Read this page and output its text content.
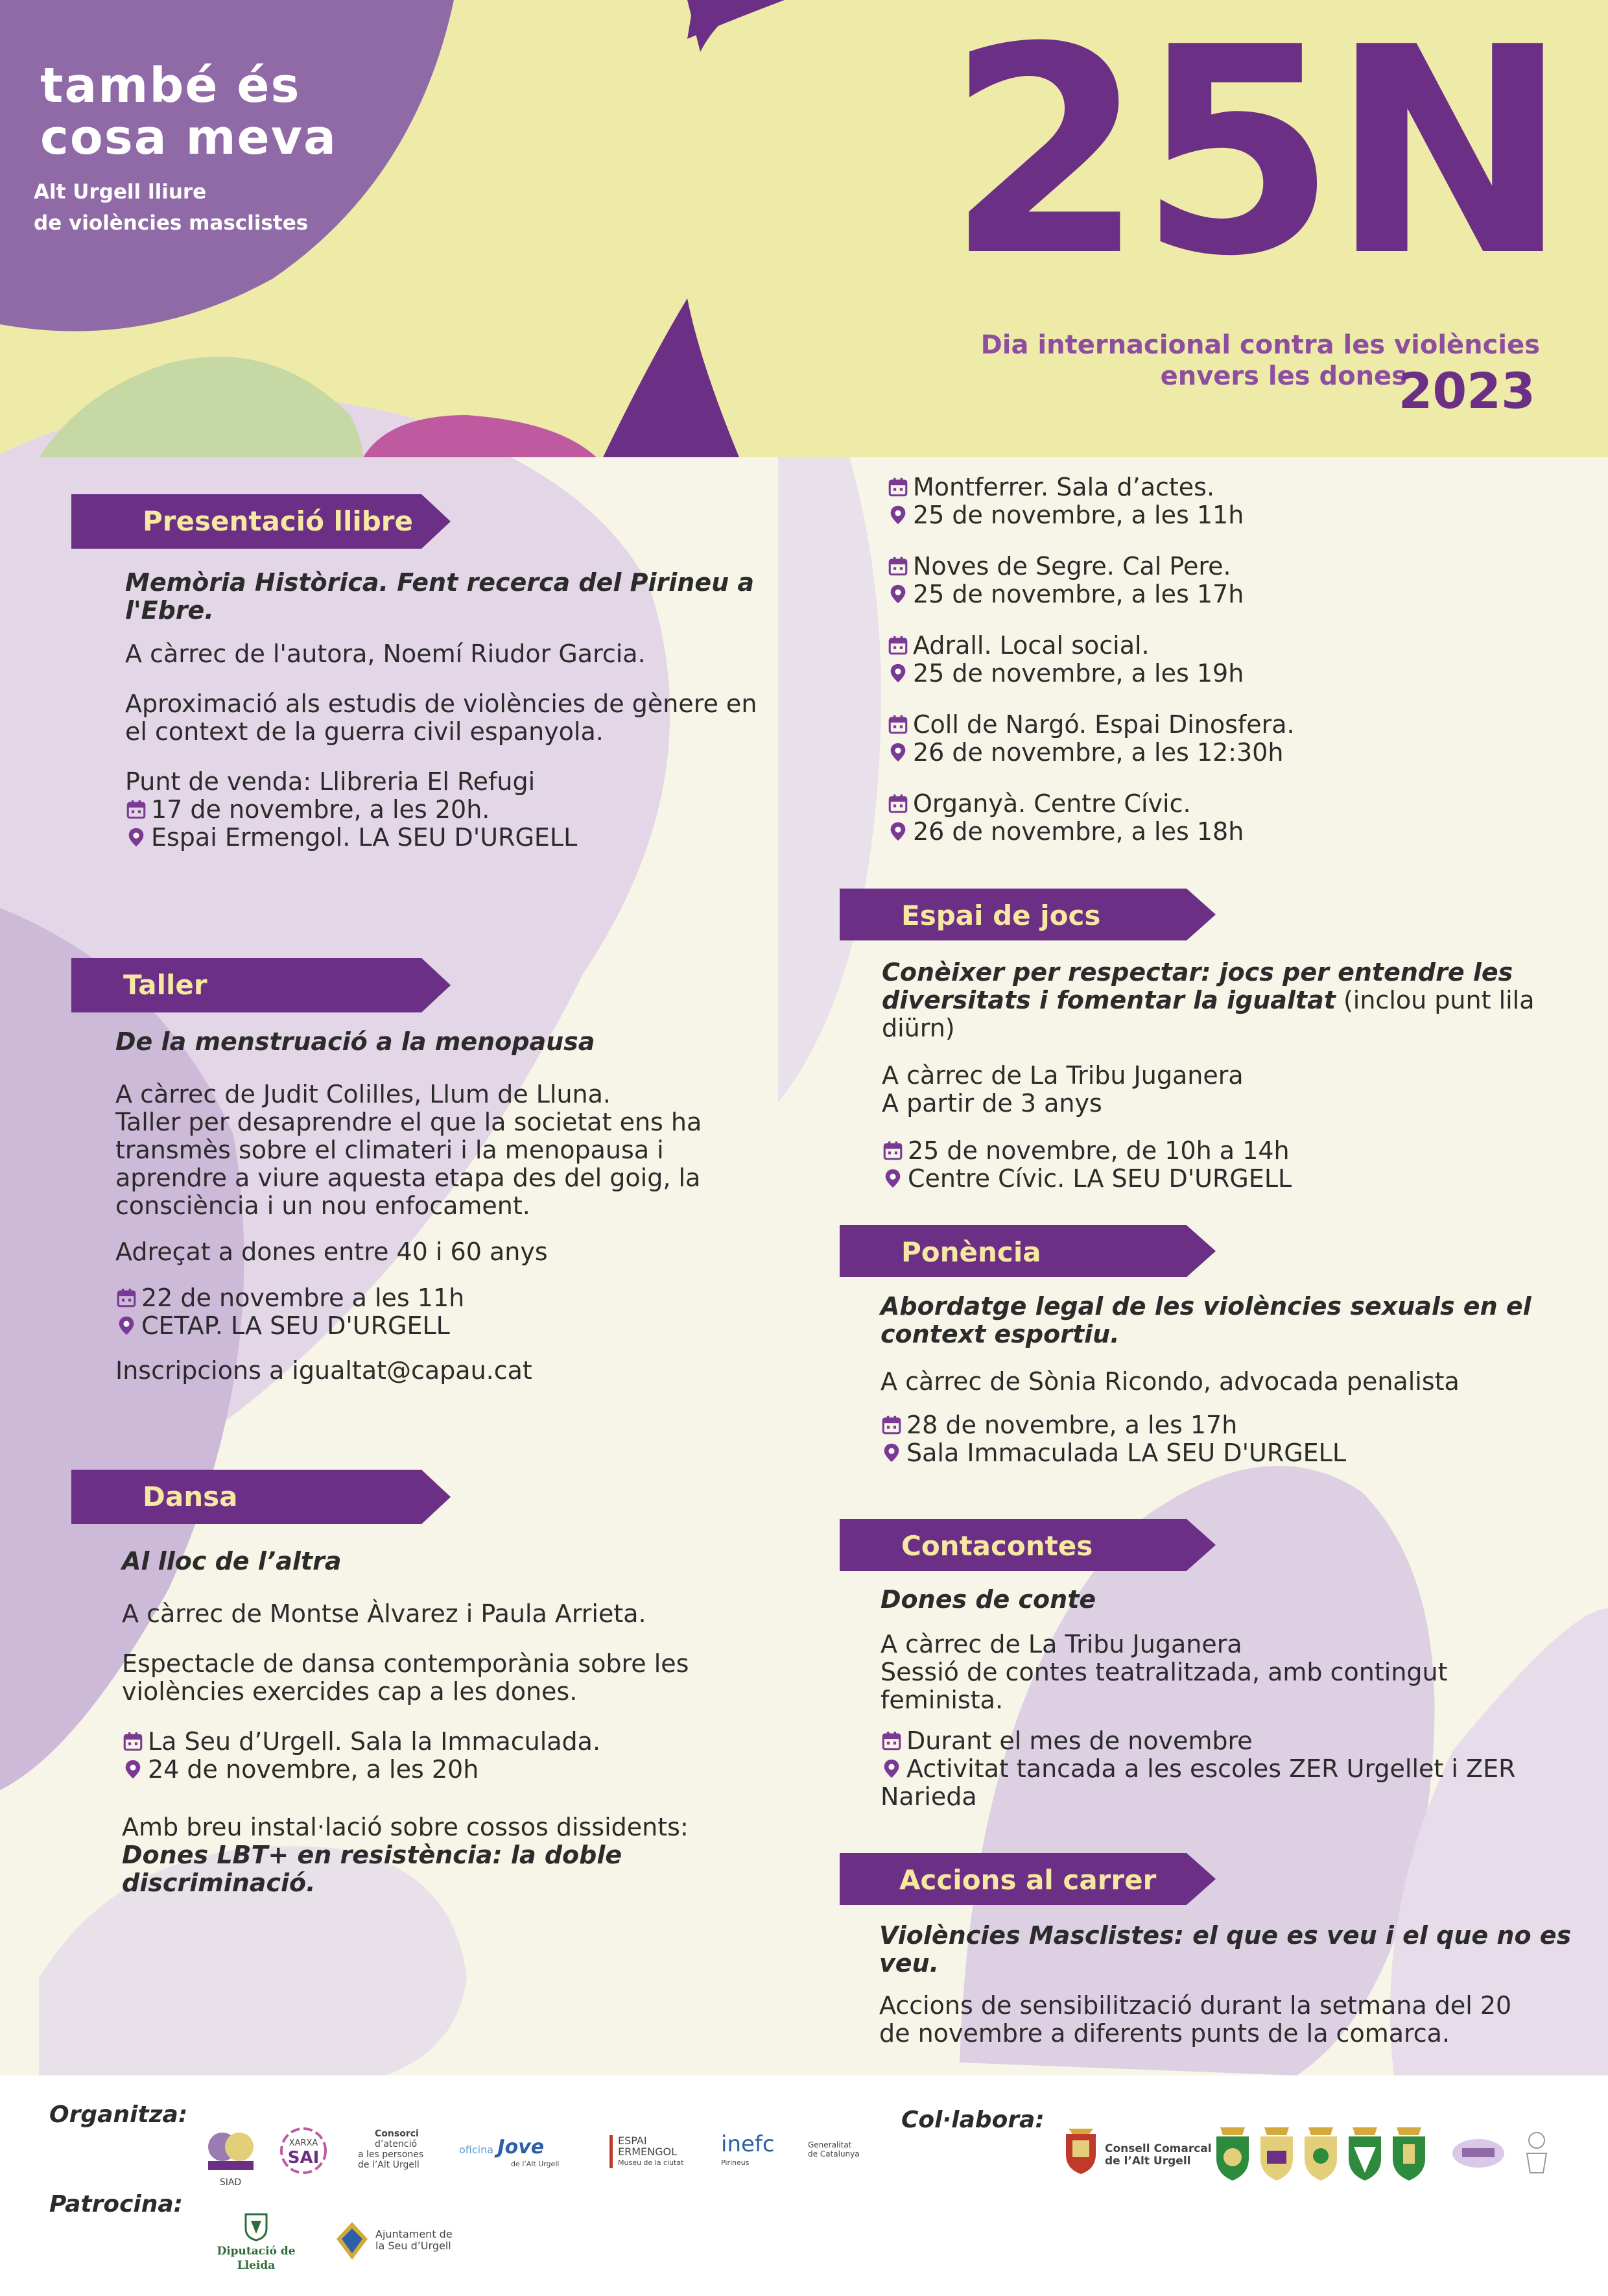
també és
cosa meva
Alt Urgell lliure
de violències masclistes 25N
Dia internacional contra les violències
envers les dones
2023
Presentació llibre

Memòria Històrica. Fent recerca del Pirineu a

l'Ebre.

A càrrec de l'autora, Noemí Riudor Garcia.

Aproximació als estudis de violències de gènere en

el context de la guerra civil espanyola.

Punt de venda: Llibreria El Refugi

17 de novembre, a les 20h.

Espai Ermengol. LA SEU D'URGELL

Taller

De la menstruació a la menopausa

A càrrec de Judit Colilles, Llum de Lluna.

Taller per desaprendre el que la societat ens ha

transmès sobre el climateri i la menopausa i

aprendre a viure aquesta etapa des del goig, la

consciència i un nou enfocament.

Adreçat a dones entre 40 i 60 anys

22 de novembre a les 11h

CETAP. LA SEU D'URGELL

Inscripcions a igualtat@capau.cat

Dansa

Al lloc de l’altra

A càrrec de Montse Àlvarez i Paula Arrieta.

Espectacle de dansa contemporània sobre les

violències exercides cap a les dones.

La Seu d’Urgell. Sala la Immaculada.

24 de novembre, a les 20h

Amb breu instal·lació sobre cossos dissidents:

Dones LBT+ en resistència: la doble

discriminació.

Montferrer. Sala d’actes.

25 de novembre, a les 11h

Noves de Segre. Cal Pere.

25 de novembre, a les 17h

Adrall. Local social.

25 de novembre, a les 19h

Coll de Nargó. Espai Dinosfera.

26 de novembre, a les 12:30h

Organyà. Centre Cívic.

26 de novembre, a les 18h

Espai de jocs

Conèixer per respectar: jocs per entendre les

diversitats i fomentar la igualtat (inclou punt lila

diürn)

A càrrec de La Tribu Juganera

A partir de 3 anys

25 de novembre, de 10h a 14h

Centre Cívic. LA SEU D'URGELL

Ponència

Abordatge legal de les violències sexuals en el

context esportiu.

A càrrec de Sònia Ricondo, advocada penalista

28 de novembre, a les 17h

Sala Immaculada LA SEU D'URGELL

Contacontes

Dones de conte

A càrrec de La Tribu Juganera

Sessió de contes teatralitzada, amb contingut

feminista.

Durant el mes de novembre

Activitat tancada a les escoles ZER Urgellet i ZER

Narieda

Accions al carrer

Violències Masclistes: el que es veu i el que no es

veu.

Accions de sensibilització durant la setmana del 20

de novembre a diferents punts de la comarca.

Organitza:	Col·labora:
Patrocina:
SIAD
XARXA
SAI
Consorci
d’atenció
a les persones
de l’Alt Urgell
oficina Jove
de l’Alt Urgell
ESPAI
ERMENGOL
Museu de la ciutat
inefc
Pirineus
Generalitat
de Catalunya	Consell Comarcal
de l’Alt Urgell
Diputació de Lleida
Ajuntament de
la Seu d’Urgell
